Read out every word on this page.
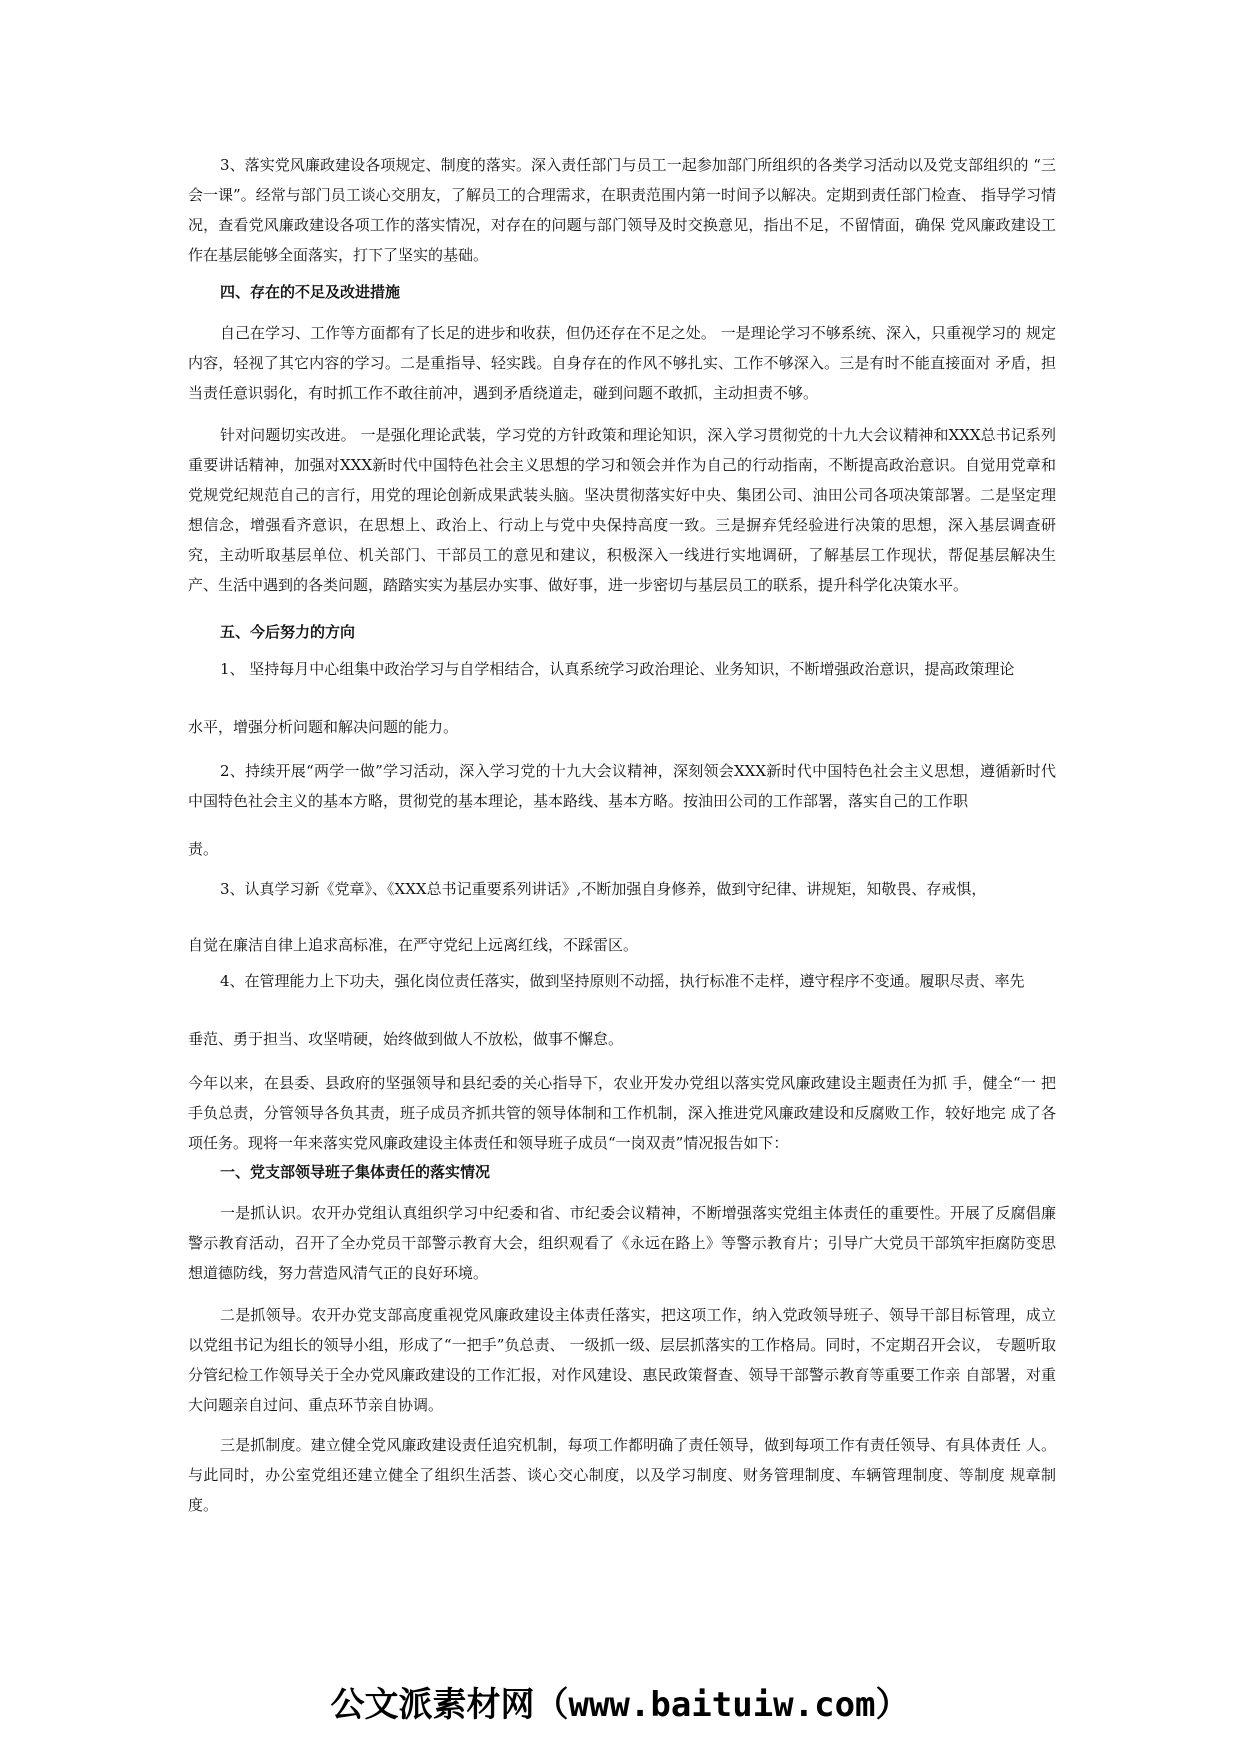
3、落实党风廉政建设各项规定、制度的落实。深入责任部门与员工一起参加部门所组织的各类学习活动以及党支部组织的 “三会一课”。经常与部门员工谈心交朋友，了解员工的合理需求，在职责范围内第一时间予以解决。定期到责任部门检查、 指导学习情况，查看党风廉政建设各项工作的落实情况，对存在的问题与部门领导及时交换意见，指出不足，不留情面，确保 党风廉政建设工作在基层能够全面落实，打下了坚实的基础。

四、存在的不足及改进措施

自己在学习、工作等方面都有了长足的进步和收获，但仍还存在不足之处。 一是理论学习不够系统、深入，只重视学习的 规定内容，轻视了其它内容的学习。二是重指导、轻实践。自身存在的作风不够扎实、工作不够深入。三是有时不能直接面对 矛盾，担当责任意识弱化，有时抓工作不敢往前冲，遇到矛盾绕道走，碰到问题不敢抓，主动担责不够。

针对问题切实改进。 一是强化理论武装，学习党的方针政策和理论知识，深入学习贯彻党的十九大会议精神和XXX总书记系列重要讲话精神，加强对XXX新时代中国特色社会主义思想的学习和领会并作为自己的行动指南，不断提高政治意识。自觉用党章和党规党纪规范自己的言行，用党的理论创新成果武装头脑。坚决贯彻落实好中央、集团公司、油田公司各项决策部署。二是坚定理想信念，增强看齐意识，在思想上、政治上、行动上与党中央保持高度一致。三是摒弃凭经验进行决策的思想，深入基层调查研究，主动听取基层单位、机关部门、干部员工的意见和建议，积极深入一线进行实地调研，了解基层工作现状，帮促基层解决生产、生活中遇到的各类问题，踏踏实实为基层办实事、做好事，进一步密切与基层员工的联系，提升科学化决策水平。

五、今后努力的方向

1、 坚持每月中心组集中政治学习与自学相结合，认真系统学习政治理论、业务知识，不断增强政治意识，提高政策理论

水平，增强分析问题和解决问题的能力。

2、持续开展“两学一做”学习活动，深入学习党的十九大会议精神，深刻领会XXX新时代中国特色社会主义思想，遵循新时代中国特色社会主义的基本方略，贯彻党的基本理论，基本路线、基本方略。按油田公司的工作部署，落实自己的工作职

责。

3、认真学习新《党章》、《XXX总书记重要系列讲话》,不断加强自身修养，做到守纪律、讲规矩，知敬畏、存戒惧，

自觉在廉洁自律上追求高标准，在严守党纪上远离红线，不踩雷区。

4、在管理能力上下功夫，强化岗位责任落实，做到坚持原则不动摇，执行标准不走样，遵守程序不变通。履职尽责、率先

垂范、勇于担当、攻坚啃硬，始终做到做人不放松，做事不懈怠。

今年以来，在县委、县政府的坚强领导和县纪委的关心指导下，农业开发办党组以落实党风廉政建设主题责任为抓 手，健全“一 把手负总责，分管领导各负其责，班子成员齐抓共管的领导体制和工作机制，深入推进党风廉政建设和反腐败工作，较好地完 成了各项任务。现将一年来落实党风廉政建设主体责任和领导班子成员“一岗双责”情况报告如下：

一、党支部领导班子集体责任的落实情况

一是抓认识。农开办党组认真组织学习中纪委和省、市纪委会议精神，不断增强落实党组主体责任的重要性。开展了反腐倡廉警示教育活动，召开了全办党员干部警示教育大会，组织观看了《永远在路上》等警示教育片；引导广大党员干部筑牢拒腐防变思想道德防线，努力营造风清气正的良好环境。

二是抓领导。农开办党支部高度重视党风廉政建设主体责任落实，把这项工作，纳入党政领导班子、领导干部目标管理，成立以党组书记为组长的领导小组，形成了“一把手”负总责、 一级抓一级、层层抓落实的工作格局。同时，不定期召开会议， 专题听取分管纪检工作领导关于全办党风廉政建设的工作汇报，对作风建设、惠民政策督查、领导干部警示教育等重要工作亲 自部署，对重大问题亲自过问、重点环节亲自协调。

三是抓制度。建立健全党风廉政建设责任追究机制，每项工作都明确了责任领导，做到每项工作有责任领导、有具体责任 人。与此同时，办公室党组还建立健全了组织生活荟、谈心交心制度，以及学习制度、财务管理制度、车辆管理制度、等制度 规章制度。

公文派素材网（www.baituiw.com）
